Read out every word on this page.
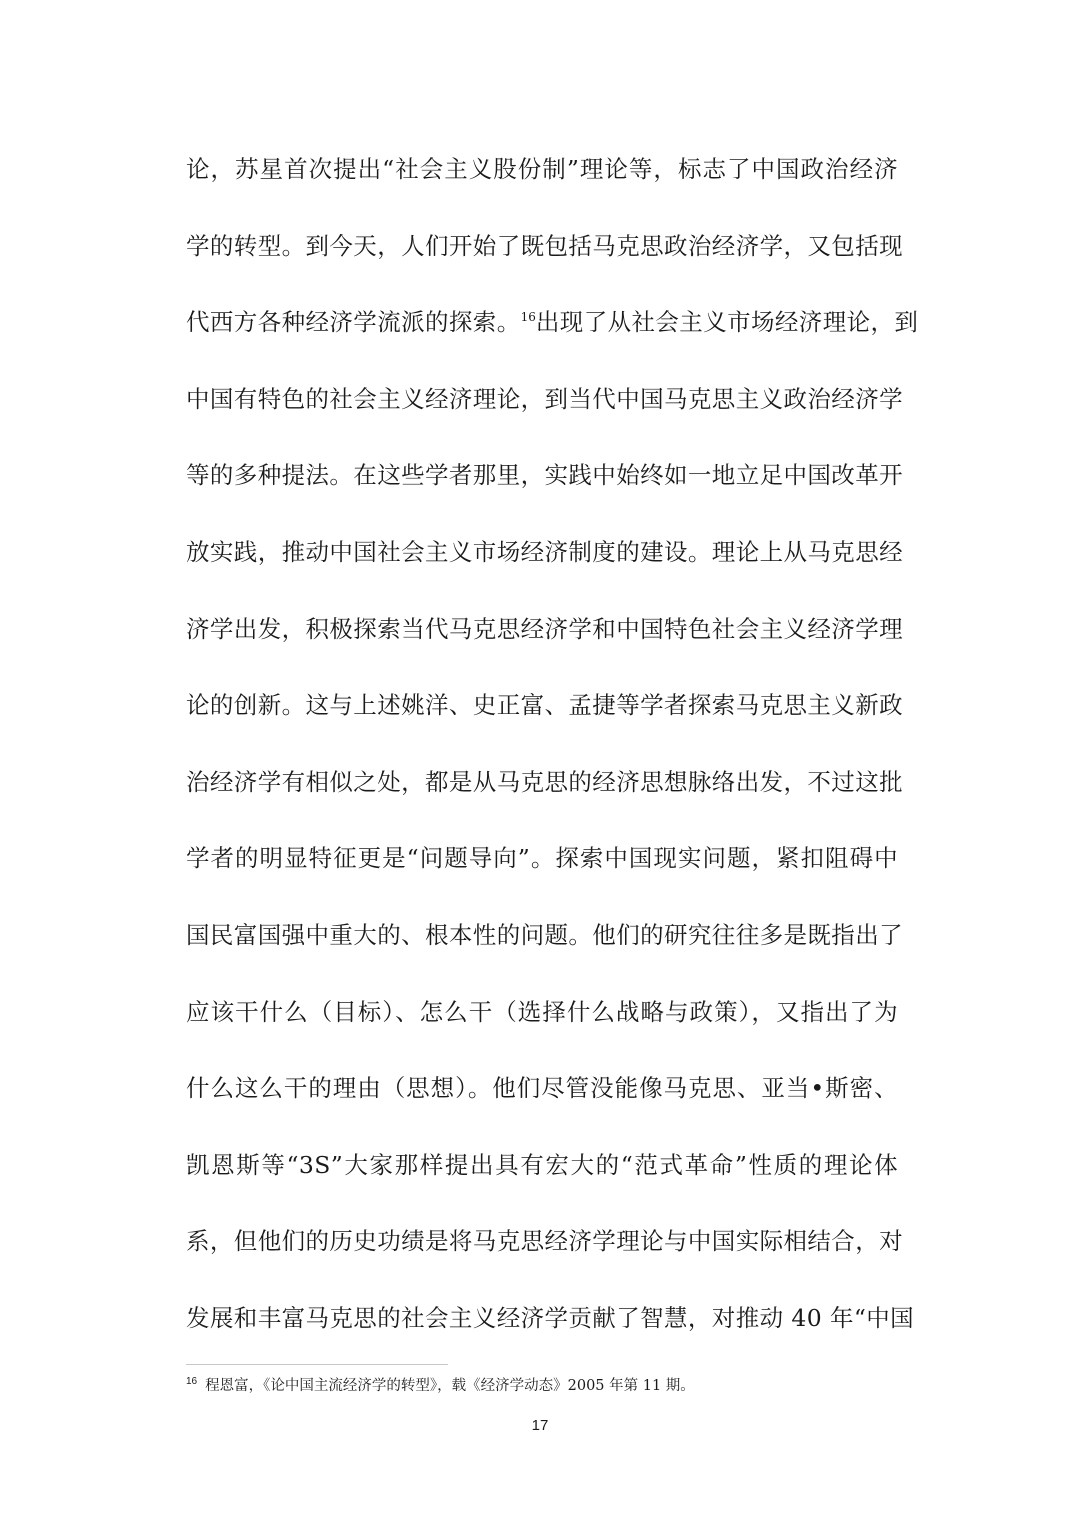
论，苏星首次提出“社会主义股份制”理论等，标志了中国政治经济
学的转型。到今天，人们开始了既包括马克思政治经济学，又包括现
代西方各种经济学流派的探索。$^{16}$出现了从社会主义市场经济理论，到
中国有特色的社会主义经济理论，到当代中国马克思主义政治经济学
等的多种提法。在这些学者那里，实践中始终如一地立足中国改革开
放实践，推动中国社会主义市场经济制度的建设。理论上从马克思经
济学出发，积极探索当代马克思经济学和中国特色社会主义经济学理
论的创新。这与上述姚洋、史正富、孟捷等学者探索马克思主义新政
治经济学有相似之处，都是从马克思的经济思想脉络出发，不过这批
学者的明显特征更是“问题导向”。探索中国现实问题，紧扣阻碍中
国民富国强中重大的、根本性的问题。他们的研究往往多是既指出了
应该干什么（目标）、怎么干（选择什么战略与政策），又指出了为
什么这么干的理由（思想）。他们尽管没能像马克思、亚当•斯密、
凯恩斯等“3S”大家那样提出具有宏大的“范式革命”性质的理论体
系，但他们的历史功绩是将马克思经济学理论与中国实际相结合，对
发展和丰富马克思的社会主义经济学贡献了智慧，对推动 40 年“中国
$^{16}$ 程恩富，《论中国主流经济学的转型》，载《经济学动态》2005 年第 11 期。
17
